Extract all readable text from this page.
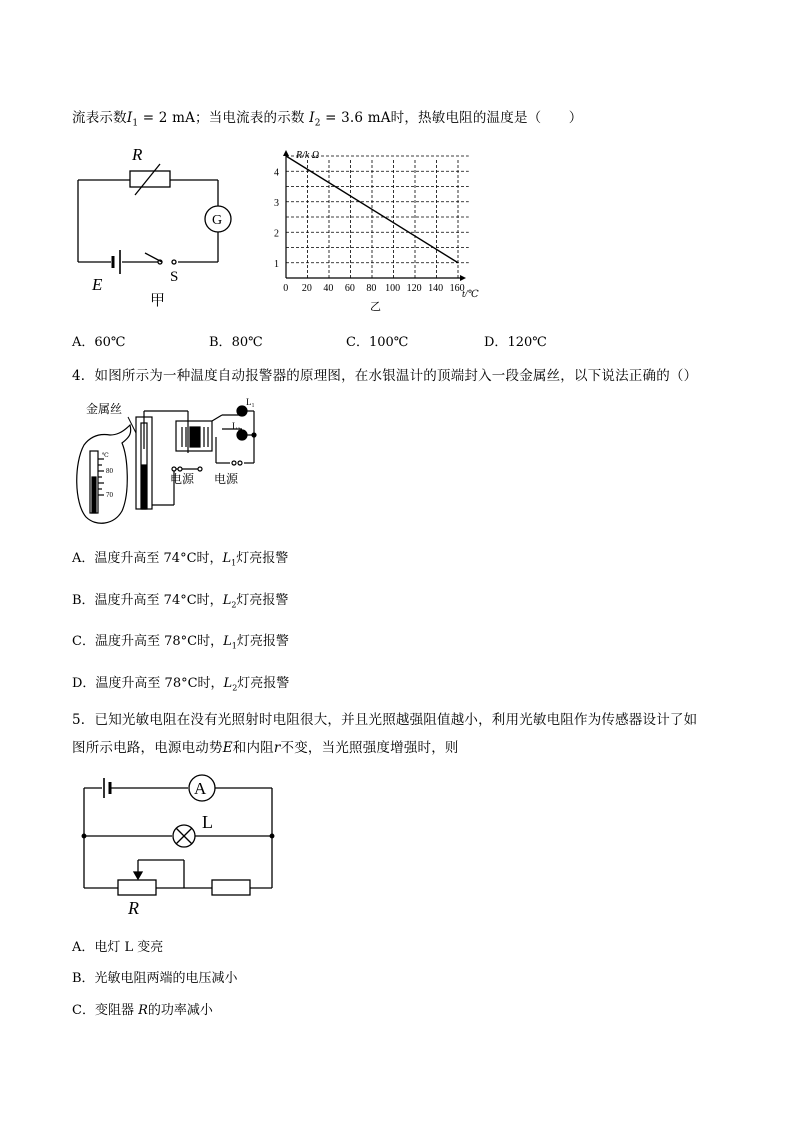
流表示数$I_1 = 2$ mA；当电流表的示数 $I_2 = 3.6$ mA时，热敏电阻的温度是（　　）
R
G
E	S
甲
1
2
3
4
0 20 40 60 80 100 120 140 160
R/k Ω
t/℃
乙
A．60℃	B．80℃	C．100℃	D．120℃
4．如图所示为一种温度自动报警器的原理图，在水银温计的顶端封入一段金属丝，以下说法正确的（）
金属丝
℃
80
70
L₁
L₂
电源 电源
A．温度升高至 74°C时，$L_1$灯亮报警
B．温度升高至 74°C时，$L_2$灯亮报警
C．温度升高至 78°C时，$L_1$灯亮报警
D．温度升高至 78°C时，$L_2$灯亮报警
5．已知光敏电阻在没有光照射时电阻很大，并且光照越强阻值越小，利用光敏电阻作为传感器设计了如
图所示电路，电源电动势E和内阻r不变，当光照强度增强时，则
A
L
R
A．电灯 L 变亮
B．光敏电阻两端的电压减小
C．变阻器 R的功率减小
